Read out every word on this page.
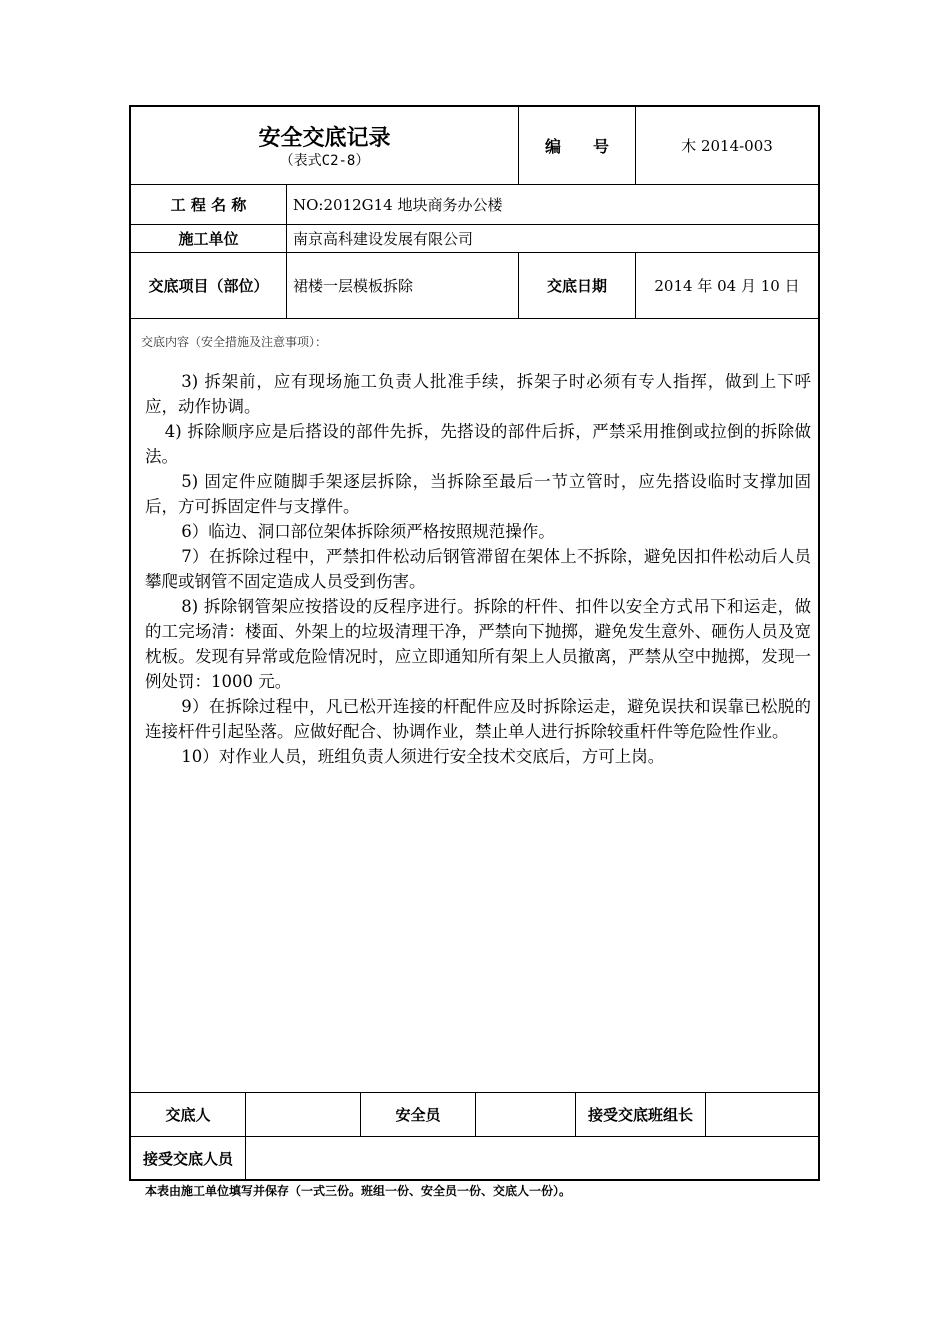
安全交底记录
（表式C2-8）
编　　号	木 2014-003
工 程 名 称	NO:2012G14 地块商务办公楼
施工单位	南京高科建设发展有限公司
交底项目（部位）	裙楼一层模板拆除	交底日期	2014 年 04 月 10 日
交底内容（安全措施及注意事项）：

3) 拆架前，应有现场施工负责人批准手续，拆架子时必须有专人指挥，做到上下呼应，动作协调。

4) 拆除顺序应是后搭设的部件先拆，先搭设的部件后拆，严禁采用推倒或拉倒的拆除做法。

5) 固定件应随脚手架逐层拆除，当拆除至最后一节立管时，应先搭设临时支撑加固后，方可拆固定件与支撑件。

6）临边、洞口部位架体拆除须严格按照规范操作。

7）在拆除过程中，严禁扣件松动后钢管滞留在架体上不拆除，避免因扣件松动后人员攀爬或钢管不固定造成人员受到伤害。

8) 拆除钢管架应按搭设的反程序进行。拆除的杆件、扣件以安全方式吊下和运走，做的工完场清：楼面、外架上的垃圾清理干净，严禁向下抛掷，避免发生意外、砸伤人员及宽枕板。发现有异常或危险情况时，应立即通知所有架上人员撤离，严禁从空中抛掷，发现一例处罚：1000 元。

9）在拆除过程中，凡已松开连接的杆配件应及时拆除运走，避免误扶和误靠已松脱的连接杆件引起坠落。应做好配合、协调作业，禁止单人进行拆除较重杆件等危险性作业。

10）对作业人员，班组负责人须进行安全技术交底后，方可上岗。

交底人	安全员	接受交底班组长
接受交底人员
本表由施工单位填写并保存（一式三份。班组一份、安全员一份、交底人一份）。
